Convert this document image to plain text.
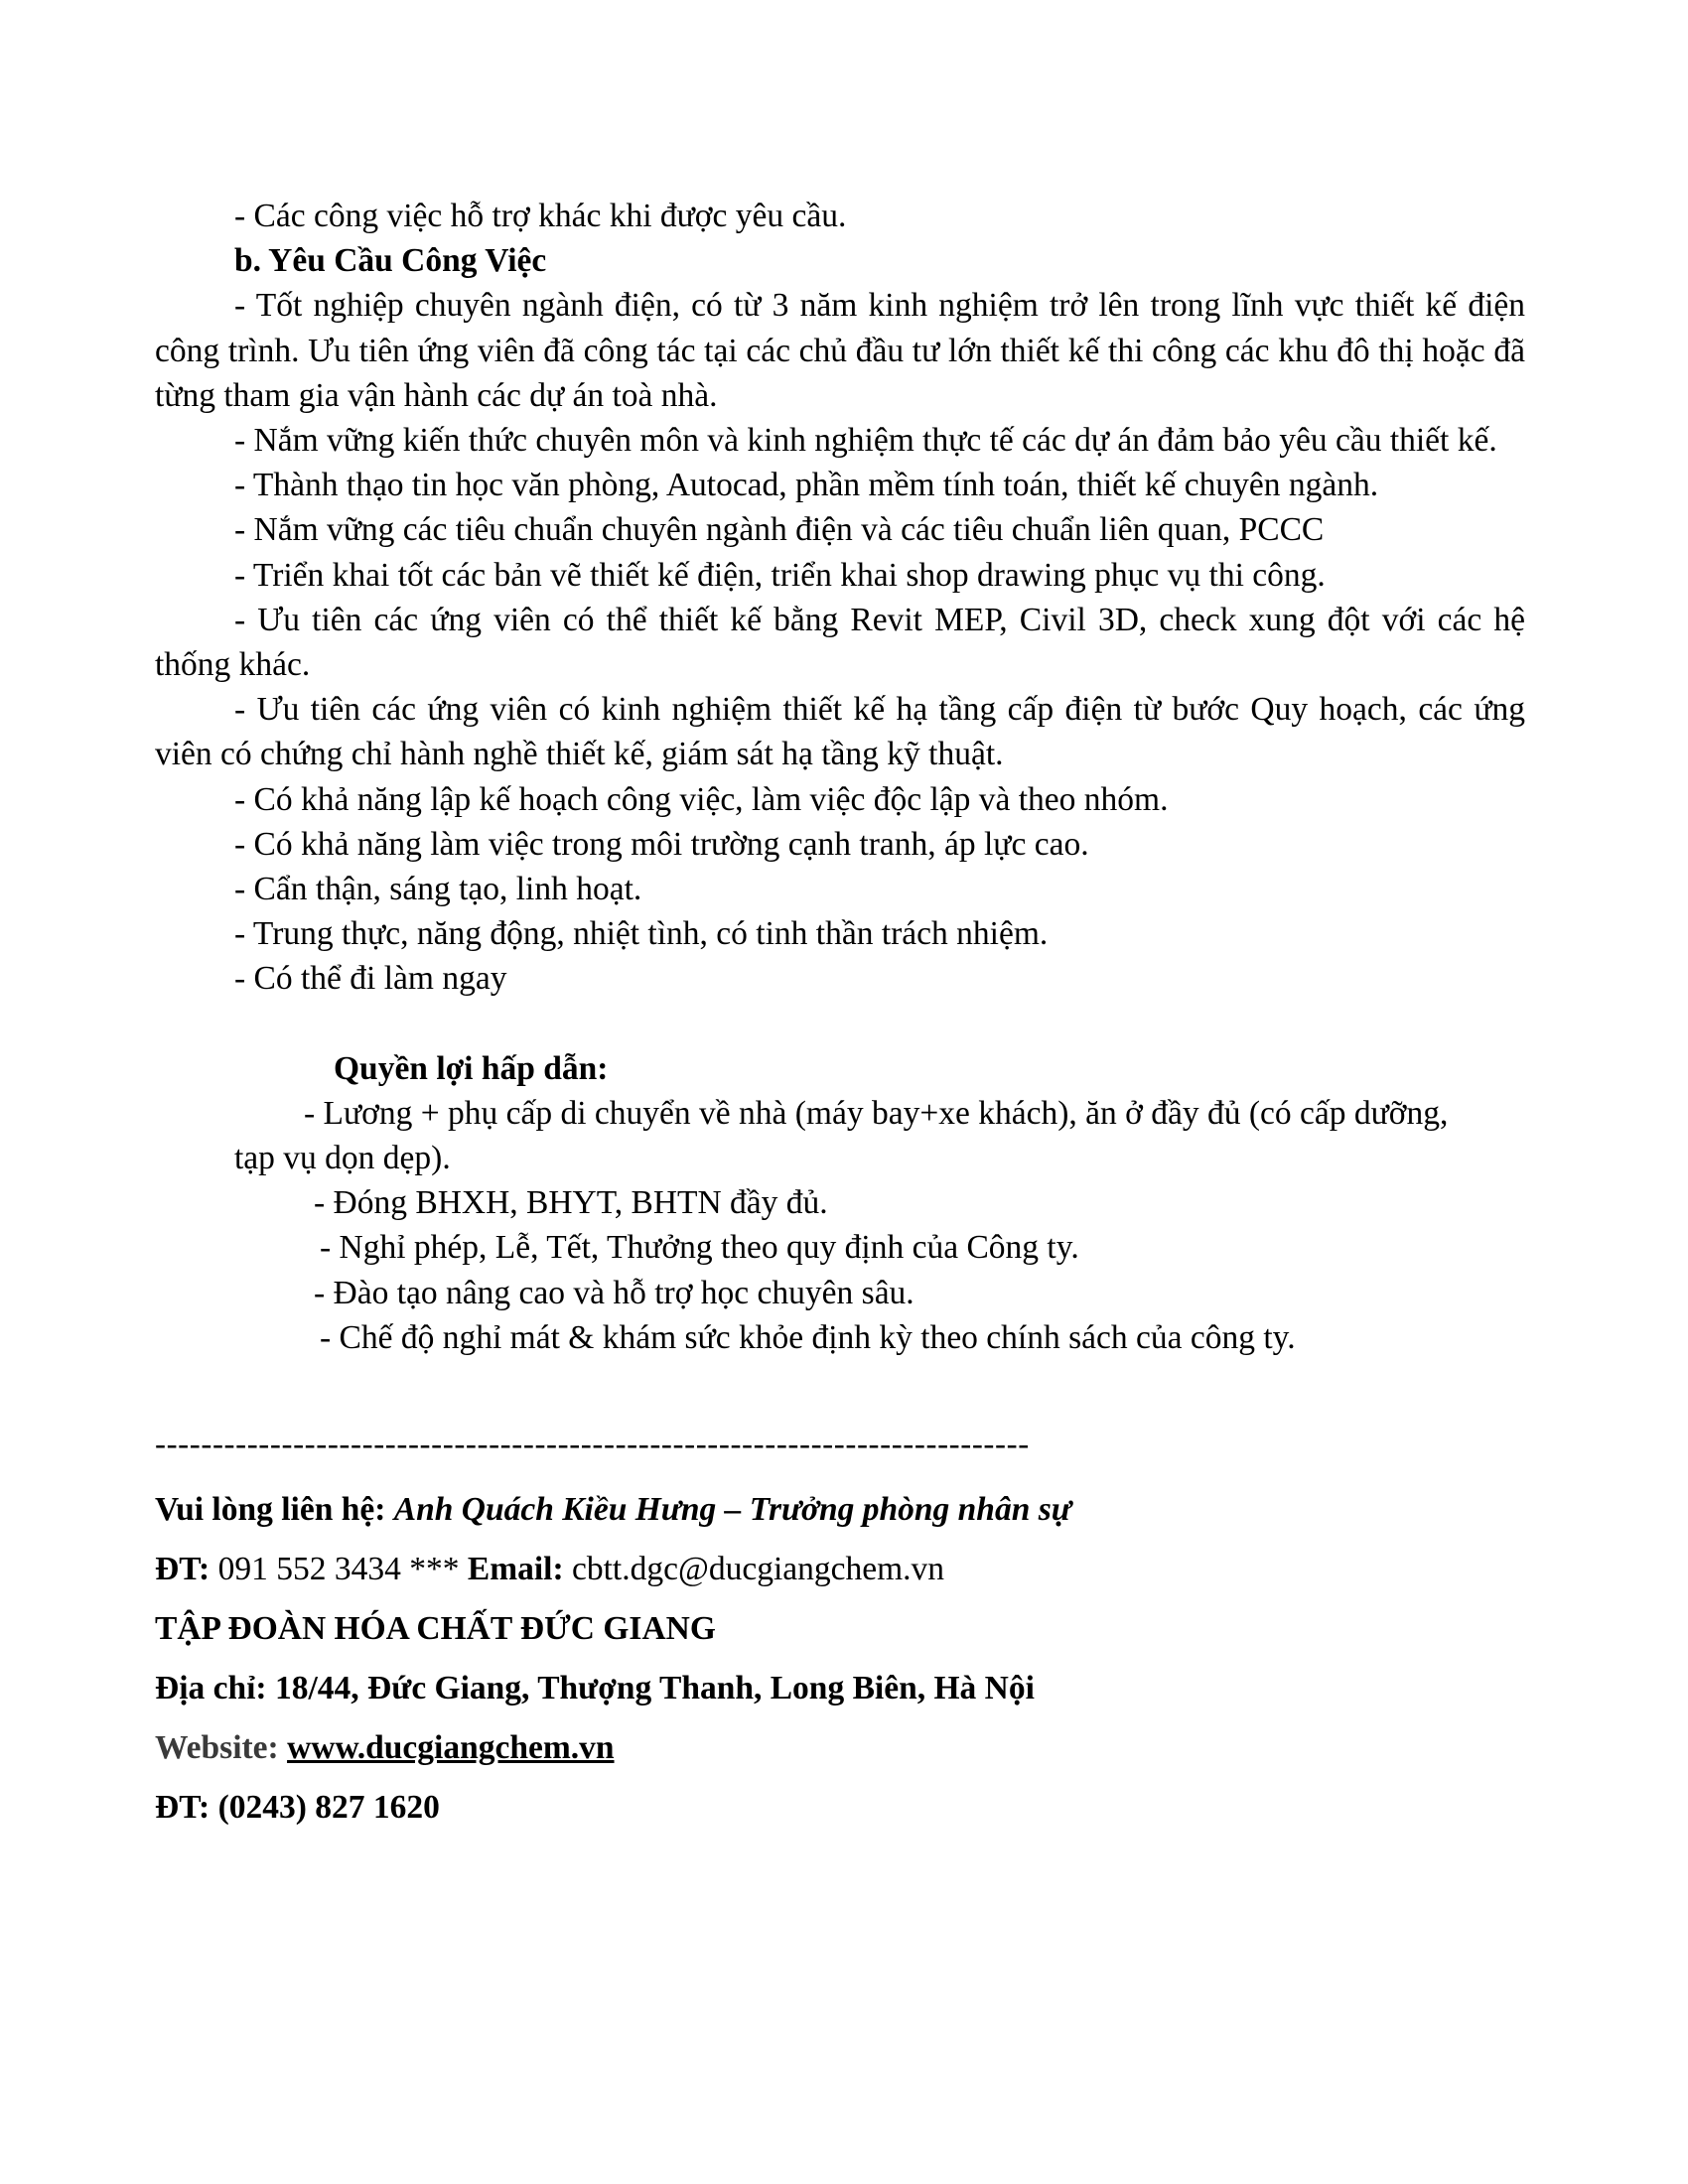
- Các công việc hỗ trợ khác khi được yêu cầu.

b. Yêu Cầu Công Việc

- Tốt nghiệp chuyên ngành điện, có từ 3 năm kinh nghiệm trở lên trong lĩnh vực thiết kế điện công trình. Ưu tiên ứng viên đã công tác tại các chủ đầu tư lớn thiết kế thi công các khu đô thị hoặc đã từng tham gia vận hành các dự án toà nhà.

- Nắm vững kiến thức chuyên môn và kinh nghiệm thực tế các dự án đảm bảo yêu cầu thiết kế.

- Thành thạo tin học văn phòng, Autocad, phần mềm tính toán, thiết kế chuyên ngành.

- Nắm vững các tiêu chuẩn chuyên ngành điện và các tiêu chuẩn liên quan, PCCC

- Triển khai tốt các bản vẽ thiết kế điện, triển khai shop drawing phục vụ thi công.

- Ưu tiên các ứng viên có thể thiết kế bằng Revit MEP, Civil 3D, check xung đột với các hệ thống khác.

- Ưu tiên các ứng viên có kinh nghiệm thiết kế hạ tầng cấp điện từ bước Quy hoạch, các ứng viên có chứng chỉ hành nghề thiết kế, giám sát hạ tầng kỹ thuật.

- Có khả năng lập kế hoạch công việc, làm việc độc lập và theo nhóm.

- Có khả năng làm việc trong môi trường cạnh tranh, áp lực cao.

- Cẩn thận, sáng tạo, linh hoạt.

- Trung thực, năng động, nhiệt tình, có tinh thần trách nhiệm.

- Có thể đi làm ngay

Quyền lợi hấp dẫn:

- Lương + phụ cấp di chuyển về nhà (máy bay+xe khách), ăn ở đầy đủ (có cấp dưỡng,
tạp vụ dọn dẹp).

- Đóng BHXH, BHYT, BHTN đầy đủ.

- Nghỉ phép, Lễ, Tết, Thưởng theo quy định của Công ty.

- Đào tạo nâng cao và hỗ trợ học chuyên sâu.

- Chế độ nghỉ mát & khám sức khỏe định kỳ theo chính sách của công ty.

----------------------------------------------------------------------------

Vui lòng liên hệ: Anh Quách Kiều Hưng – Trưởng phòng nhân sự

ĐT: 091 552 3434 *** Email: cbtt.dgc@ducgiangchem.vn

TẬP ĐOÀN HÓA CHẤT ĐỨC GIANG

Địa chỉ: 18/44, Đức Giang, Thượng Thanh, Long Biên, Hà Nội

Website: www.ducgiangchem.vn

ĐT: (0243) 827 1620
